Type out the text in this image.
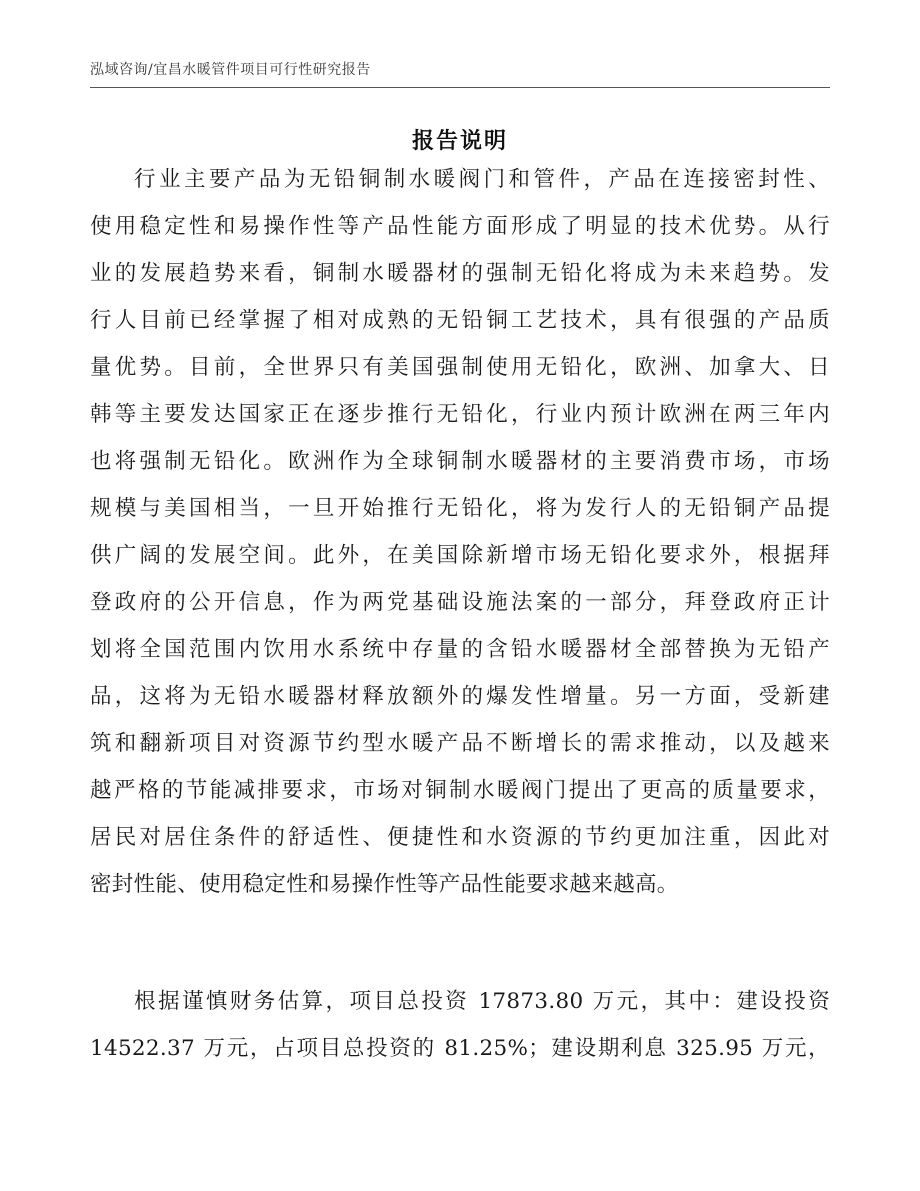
泓域咨询/宜昌水暖管件项目可行性研究报告
报告说明
行业主要产品为无铅铜制水暖阀门和管件，产品在连接密封性、
使用稳定性和易操作性等产品性能方面形成了明显的技术优势。从行
业的发展趋势来看，铜制水暖器材的强制无铅化将成为未来趋势。发
行人目前已经掌握了相对成熟的无铅铜工艺技术，具有很强的产品质
量优势。目前，全世界只有美国强制使用无铅化，欧洲、加拿大、日
韩等主要发达国家正在逐步推行无铅化，行业内预计欧洲在两三年内
也将强制无铅化。欧洲作为全球铜制水暖器材的主要消费市场，市场
规模与美国相当，一旦开始推行无铅化，将为发行人的无铅铜产品提
供广阔的发展空间。此外，在美国除新增市场无铅化要求外，根据拜
登政府的公开信息，作为两党基础设施法案的一部分，拜登政府正计
划将全国范围内饮用水系统中存量的含铅水暖器材全部替换为无铅产
品，这将为无铅水暖器材释放额外的爆发性增量。另一方面，受新建
筑和翻新项目对资源节约型水暖产品不断增长的需求推动，以及越来
越严格的节能减排要求，市场对铜制水暖阀门提出了更高的质量要求，
居民对居住条件的舒适性、便捷性和水资源的节约更加注重，因此对
密封性能、使用稳定性和易操作性等产品性能要求越来越高。
根据谨慎财务估算，项目总投资 17873.80 万元，其中：建设投资
14522.37 万元，占项目总投资的 81.25%；建设期利息 325.95 万元，
